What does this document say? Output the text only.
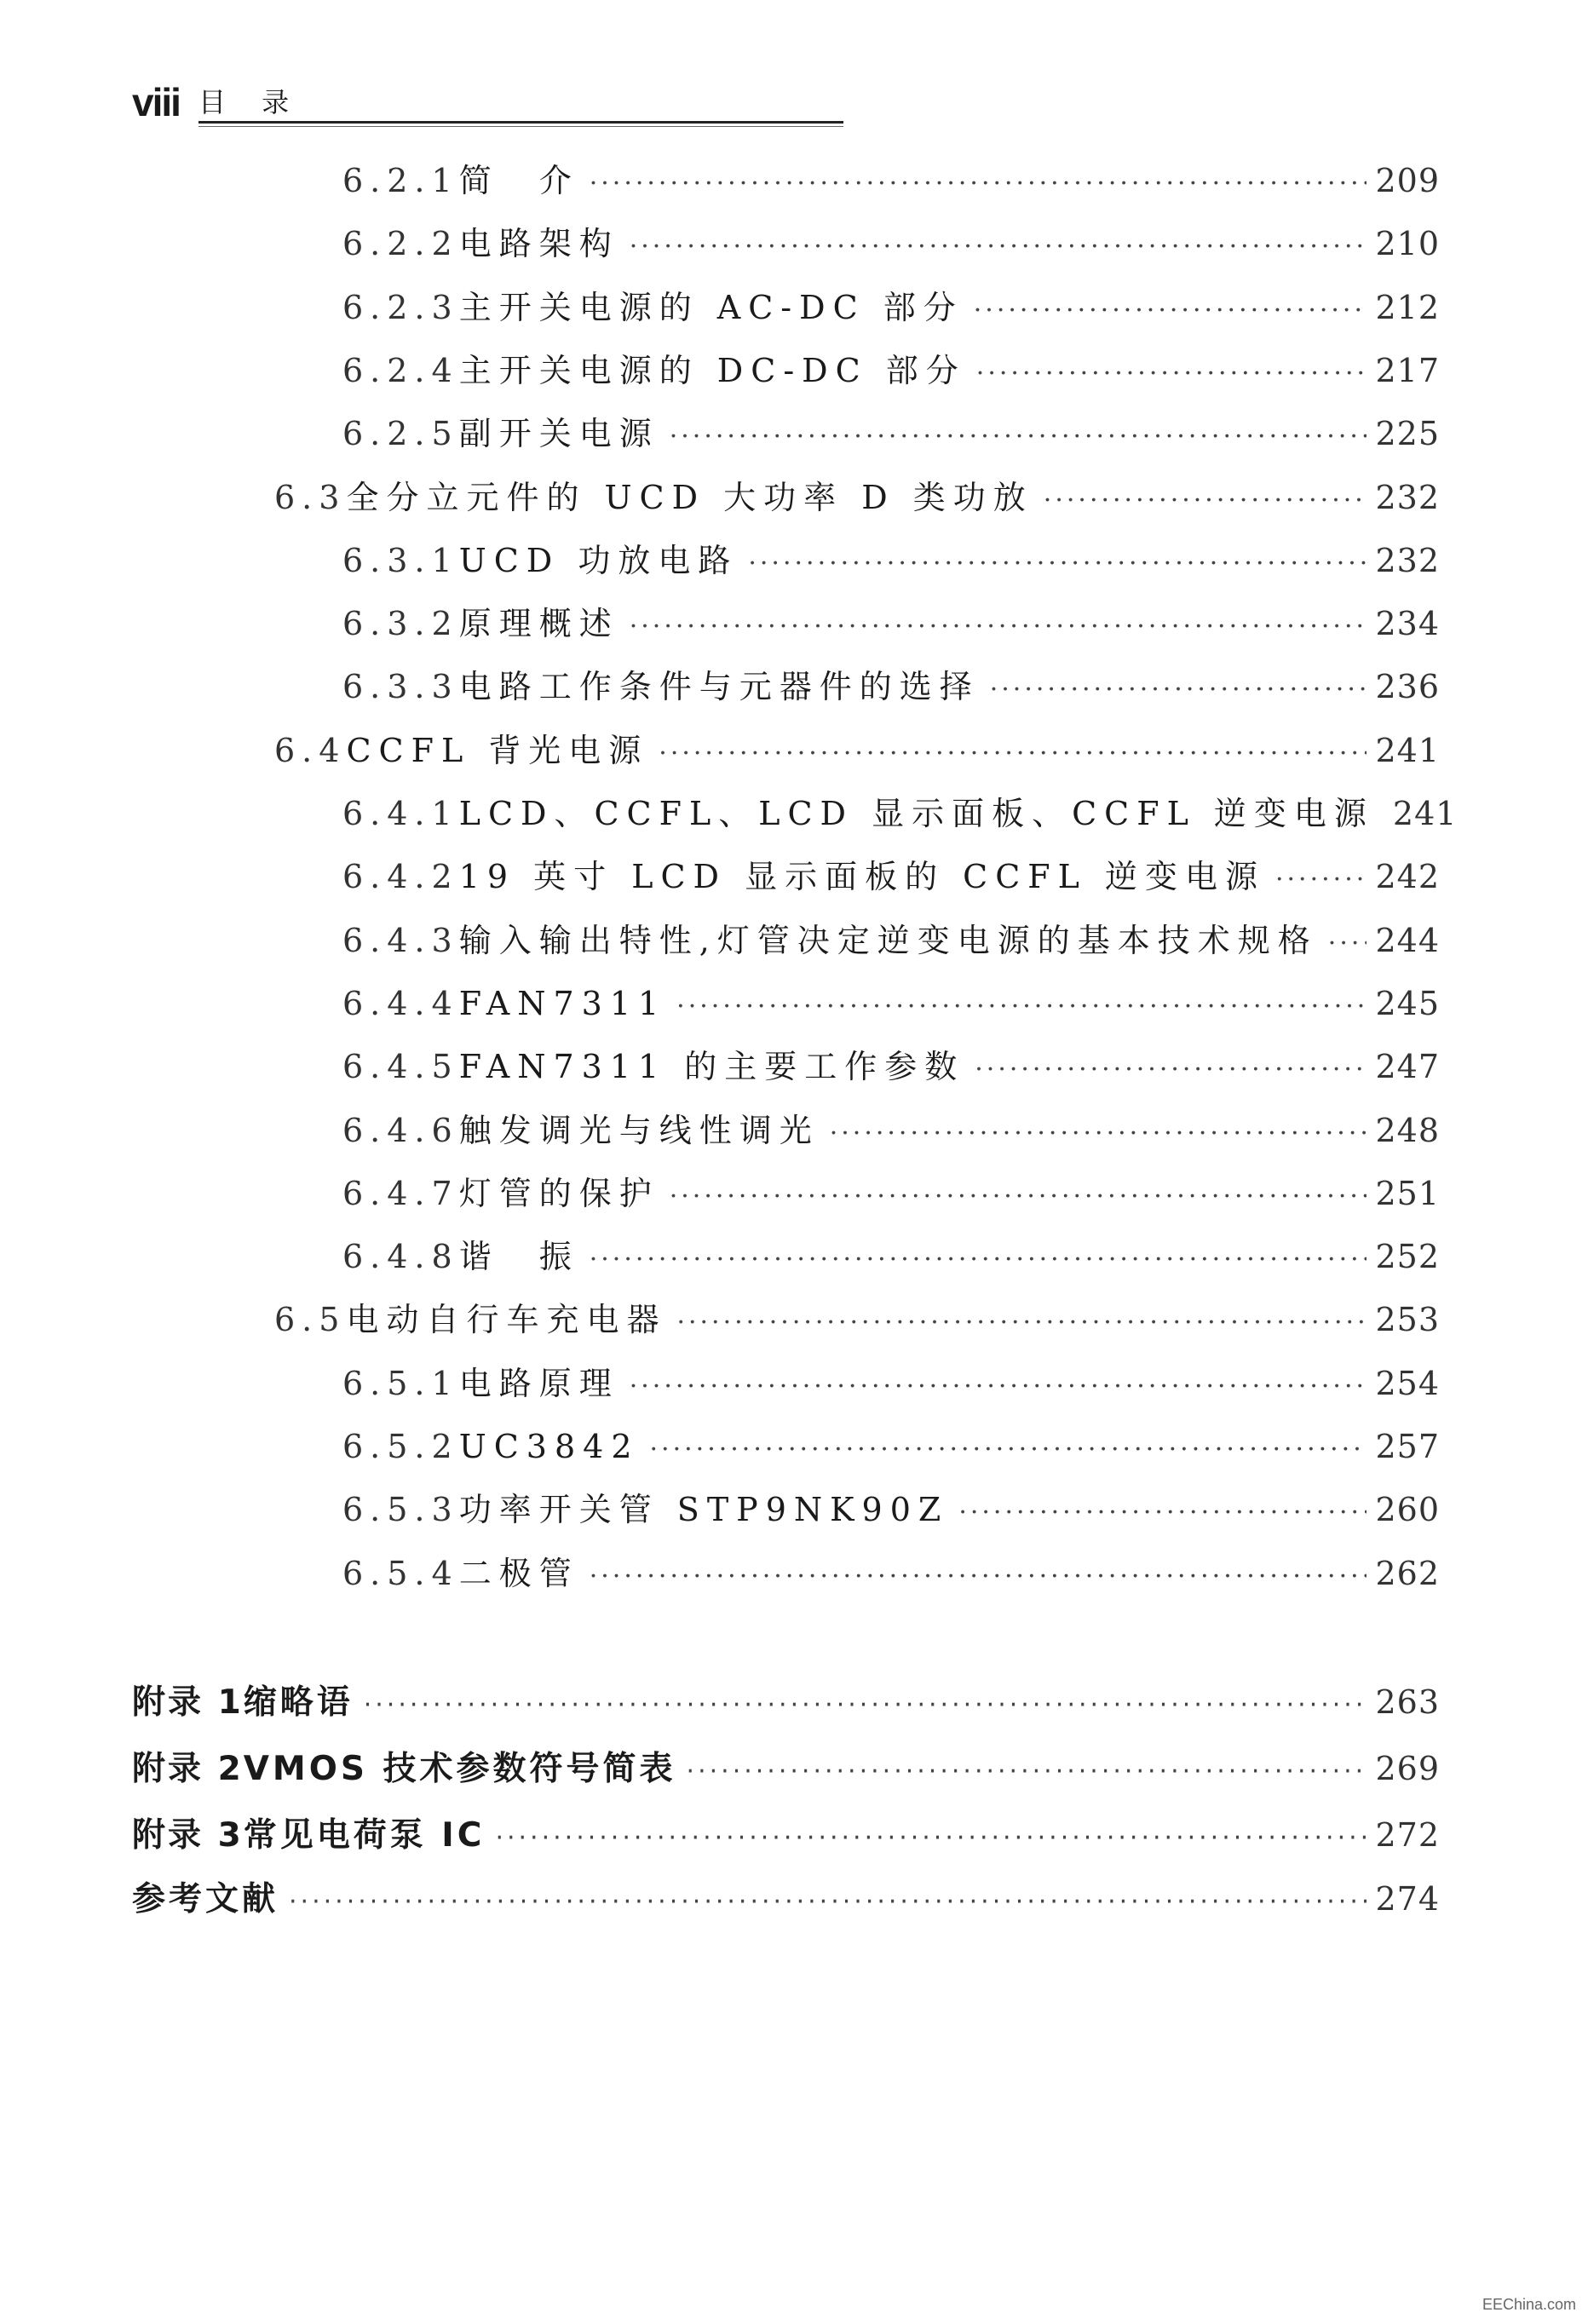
viii 目 录
6.2.1 简　介 ·····	209
6.2.2 电路架构 ·····	210
6.2.3 主开关电源的 AC-DC 部分 ·····	212
6.2.4 主开关电源的 DC-DC 部分 ·····	217
6.2.5 副开关电源 ·····	225
6.3 全分立元件的 UCD 大功率 D 类功放 ·····	232
6.3.1 UCD 功放电路 ·····	232
6.3.2 原理概述 ·····	234
6.3.3 电路工作条件与元器件的选择 ·····	236
6.4 CCFL 背光电源 ·····	241
6.4.1 LCD、CCFL、LCD 显示面板、CCFL 逆变电源 241
6.4.2 19 英寸 LCD 显示面板的 CCFL 逆变电源 ·····	242
6.4.3 输入输出特性,灯管决定逆变电源的基本技术规格 ····· 244
6.4.4 FAN7311 ·····	245
6.4.5 FAN7311 的主要工作参数 ·····	247
6.4.6 触发调光与线性调光 ·····	248
6.4.7 灯管的保护 ·····	251
6.4.8 谐　振 ·····	252
6.5 电动自行车充电器 ·····	253
6.5.1 电路原理 ·····	254
6.5.2 UC3842 ·····	257
6.5.3 功率开关管 STP9NK90Z ·····	260
6.5.4 二极管 ·····	262
附录 1 缩略语 ·····	263
附录 2 VMOS 技术参数符号简表 ·····	269
附录 3 常见电荷泵 IC ·····	272
参考文献 ·····	274
EEChina.com
